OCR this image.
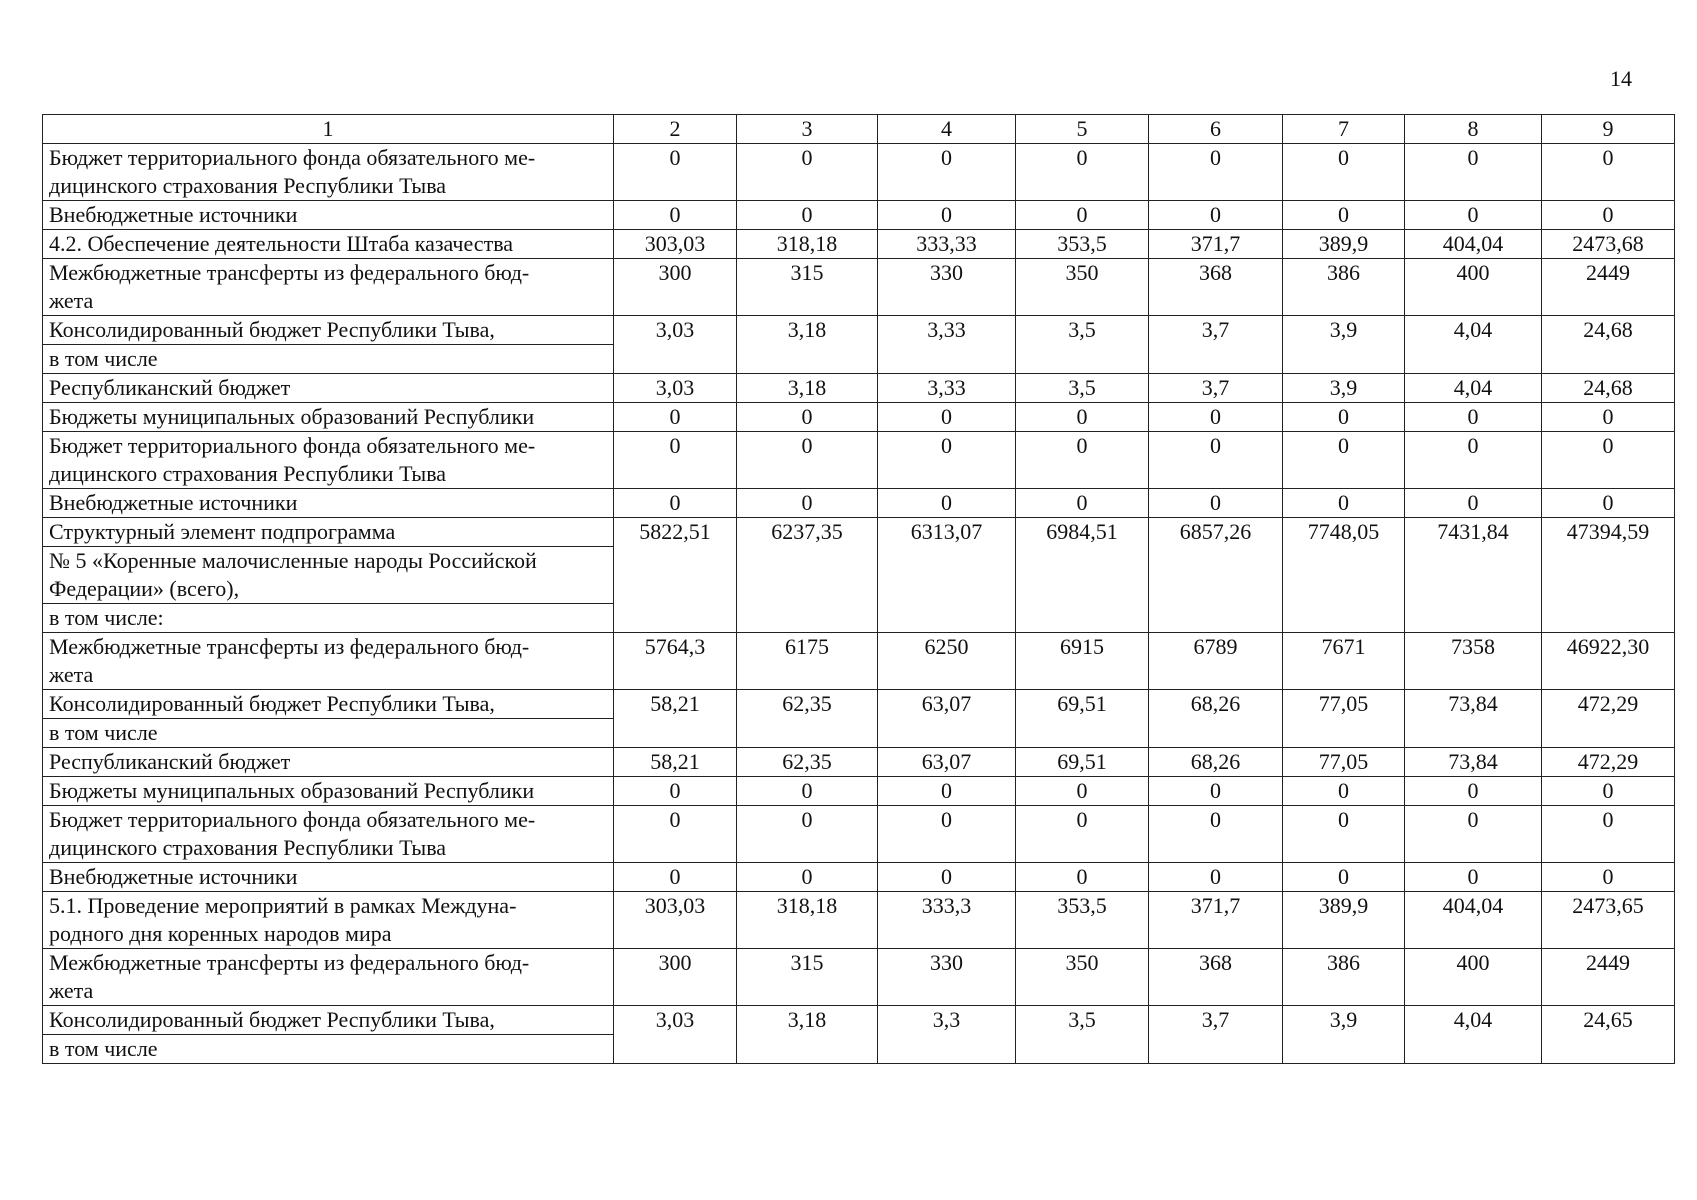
14
1	2	3	4	5	6	7	8	9

Бюджет территориального фонда обязательного ме-
дицинского страхования Республики Тыва	0	0	0	0	0	0	0	0

Внебюджетные источники	0	0	0	0	0	0	0	0

4.2. Обеспечение деятельности Штаба казачества	303,03	318,18	333,33	353,5	371,7	389,9	404,04	2473,68

Межбюджетные трансферты из федерального бюд-
жета	300	315	330	350	368	386	400	2449

Консолидированный бюджет Республики Тыва,
в том числе	3,03	3,18	3,33	3,5	3,7	3,9	4,04	24,68

Республиканский бюджет	3,03	3,18	3,33	3,5	3,7	3,9	4,04	24,68

Бюджеты муниципальных образований Республики	0	0	0	0	0	0	0	0

Бюджет территориального фонда обязательного ме-
дицинского страхования Республики Тыва	0	0	0	0	0	0	0	0

Внебюджетные источники	0	0	0	0	0	0	0	0

Структурный элемент подпрограмма
№ 5 «Коренные малочисленные народы Российской Федерации» (всего),
в том числе:	5822,51	6237,35	6313,07	6984,51	6857,26	7748,05	7431,84	47394,59

Межбюджетные трансферты из федерального бюд-
жета	5764,3	6175	6250	6915	6789	7671	7358	46922,30

Консолидированный бюджет Республики Тыва,
в том числе	58,21	62,35	63,07	69,51	68,26	77,05	73,84	472,29

Республиканский бюджет	58,21	62,35	63,07	69,51	68,26	77,05	73,84	472,29

Бюджеты муниципальных образований Республики	0	0	0	0	0	0	0	0

Бюджет территориального фонда обязательного ме-
дицинского страхования Республики Тыва	0	0	0	0	0	0	0	0

Внебюджетные источники	0	0	0	0	0	0	0	0

5.1. Проведение мероприятий в рамках Междуна-
родного дня коренных народов мира	303,03	318,18	333,3	353,5	371,7	389,9	404,04	2473,65

Межбюджетные трансферты из федерального бюд-
жета	300	315	330	350	368	386	400	2449

Консолидированный бюджет Республики Тыва,
в том числе	3,03	3,18	3,3	3,5	3,7	3,9	4,04	24,65
